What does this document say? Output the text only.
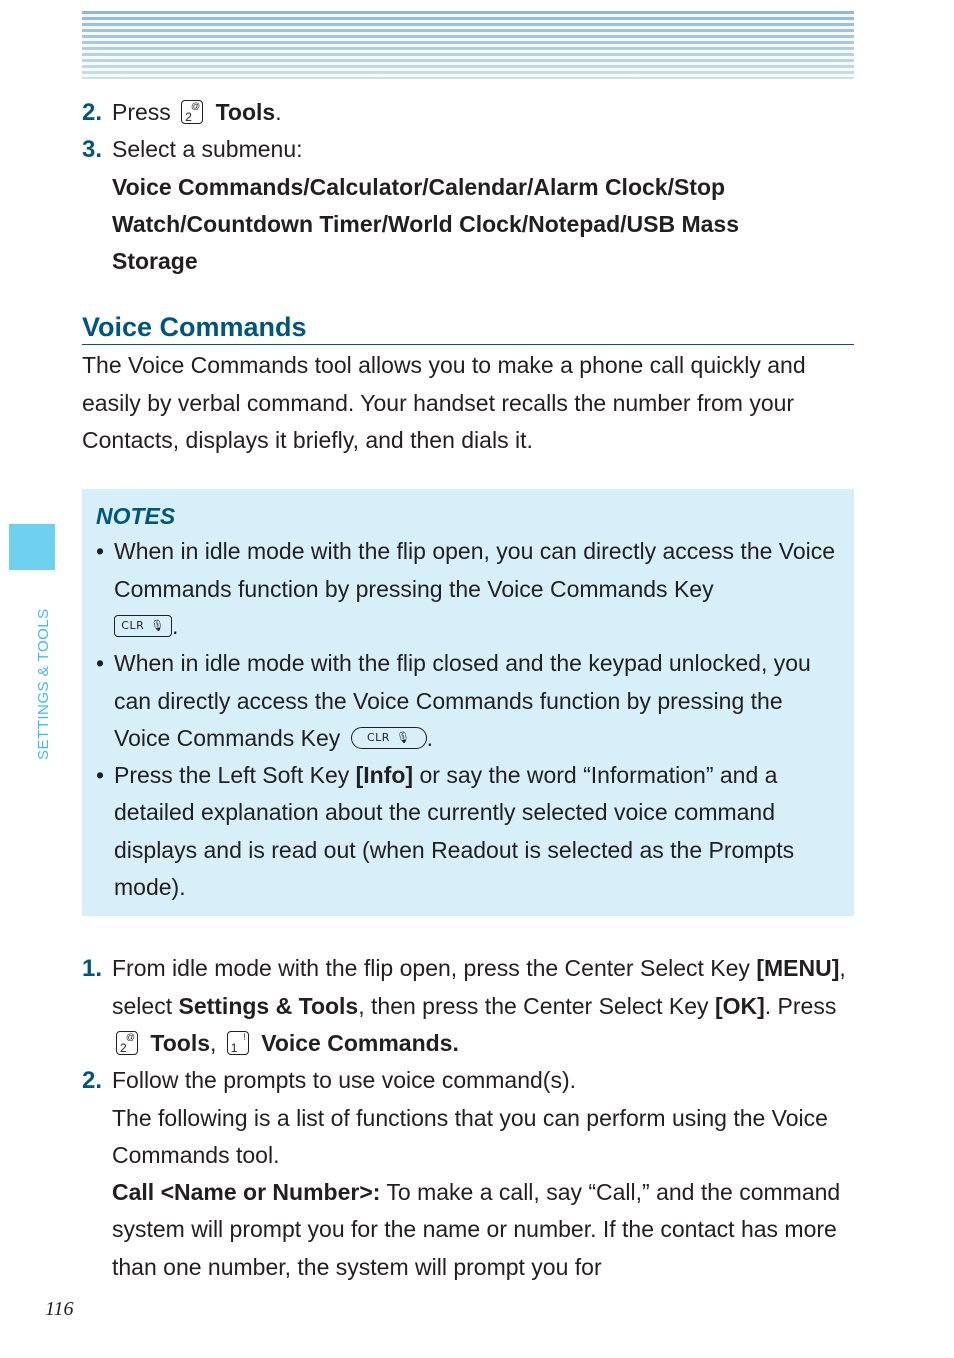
SETTINGS & TOOLS
2. Press 2
@ Tools.
3. Select a submenu:
Voice Commands/Calculator/Calendar/Alarm Clock/Stop
Watch/Countdown Timer/World Clock/Notepad/USB Mass
Storage
Voice Commands
The Voice Commands tool allows you to make a phone call quickly and easily by verbal command. Your handset recalls the number from your Contacts, displays it briefly, and then dials it.
NOTES
• When in idle mode with the flip open, you can directly access the Voice Commands function by pressing the Voice Commands Key

CLR 🎙 .
• When in idle mode with the flip closed and the keypad unlocked, you can directly access the Voice Commands function by pressing the Voice Commands Key CLR 🎙 .
• Press the Left Soft Key [Info] or say the word “Information” and a detailed explanation about the currently selected voice command displays and is read out (when Readout is selected as the Prompts mode).
1. From idle mode with the flip open, press the Center Select Key [MENU], select Settings & Tools, then press the Center Select Key [OK]. Press
2
@ Tools, 1
! Voice Commands.
2. Follow the prompts to use voice command(s).
The following is a list of functions that you can perform using the Voice Commands tool.
Call <Name or Number>: To make a call, say “Call,” and the command system will prompt you for the name or number. If the contact has more than one number, the system will prompt you for
116
